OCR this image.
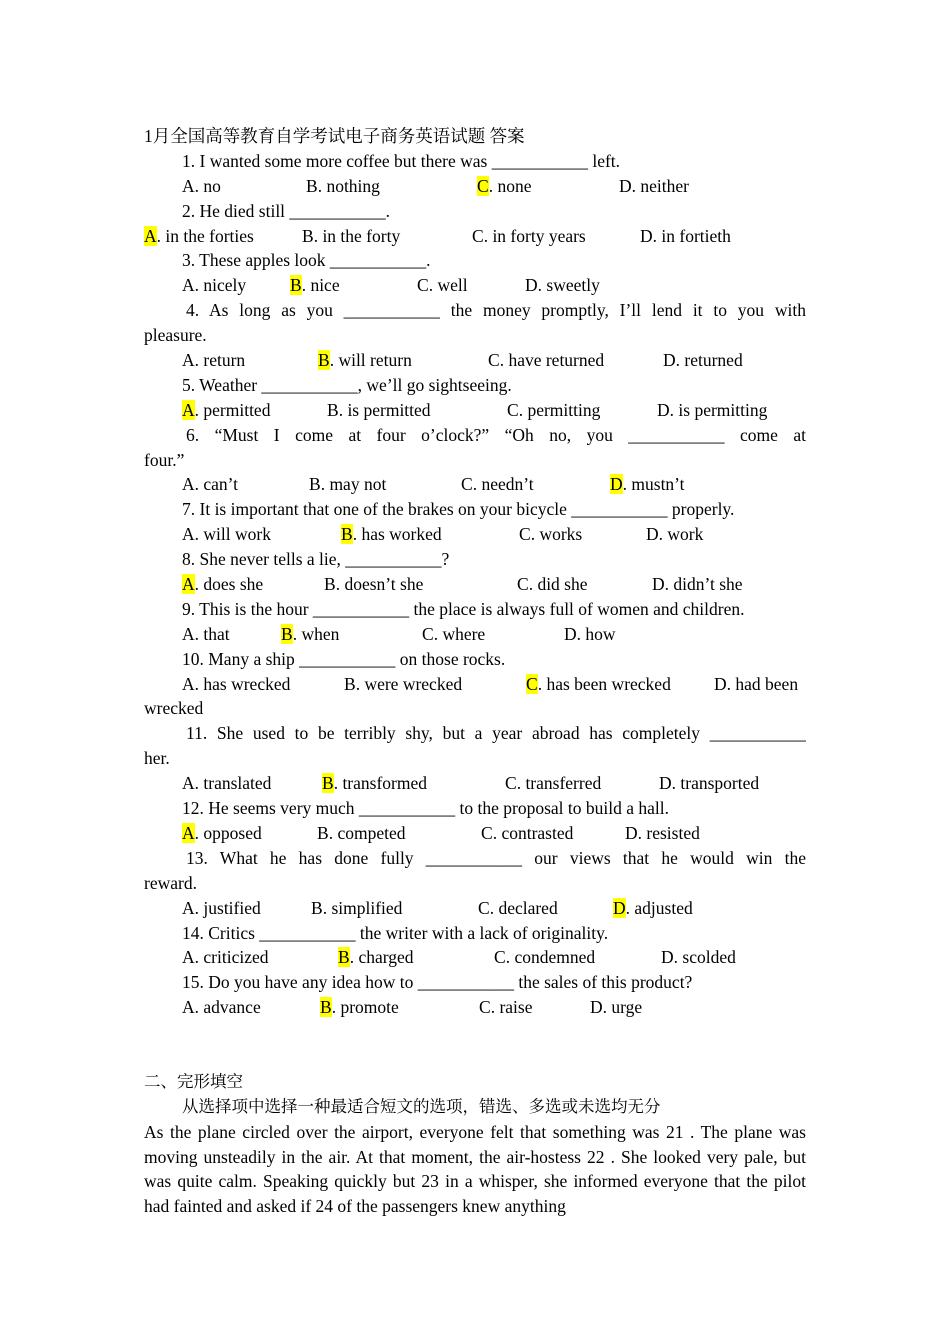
1月全国高等教育自学考试电子商务英语试题 答案
1. I wanted some more coffee but there was ___________ left.
A. no	B. nothing	C. none	D. neither
2. He died still ___________.
A. in the forties	B. in the forty	C. in forty years	D. in fortieth
3. These apples look ___________.
A. nicely	B. nice	C. well	D. sweetly
4. As long as you ___________ the money promptly, I’ll lend it to you with
pleasure.
A. return	B. will return	C. have returned	D. returned
5. Weather ___________, we’ll go sightseeing.
A. permitted	B. is permitted	C. permitting	D. is permitting
6. “Must I come at four o’clock?” “Oh no, you ___________ come at
four.”
A. can’t	B. may not	C. needn’t	D. mustn’t
7. It is important that one of the brakes on your bicycle ___________ properly.
A. will work	B. has worked	C. works	D. work
8. She never tells a lie, ___________?
A. does she	B. doesn’t she	C. did she	D. didn’t she
9. This is the hour ___________ the place is always full of women and children.
A. that	B. when	C. where	D. how
10. Many a ship ___________ on those rocks.
A. has wrecked	B. were wrecked	C. has been wrecked D. had been
wrecked
11. She used to be terribly shy, but a year abroad has completely ___________
her.
A. translated	B. transformed	C. transferred	D. transported
12. He seems very much ___________ to the proposal to build a hall.
A. opposed	B. competed	C. contrasted	D. resisted
13. What he has done fully ___________ our views that he would win the
reward.
A. justified	B. simplified	C. declared	D. adjusted
14. Critics ___________ the writer with a lack of originality.
A. criticized	B. charged	C. condemned	D. scolded
15. Do you have any idea how to ___________ the sales of this product?
A. advance	B. promote	C. raise	D. urge
二、完形填空
从选择项中选择一种最适合短文的选项，错选、多选或未选均无分

As the plane circled over the airport, everyone felt that something was 21 . The plane was moving unsteadily in the air. At that moment, the air-hostess 22 . She looked very pale, but was quite calm. Speaking quickly but 23 in a whisper, she informed everyone that the pilot had fainted and asked if 24 of the passengers knew anything
